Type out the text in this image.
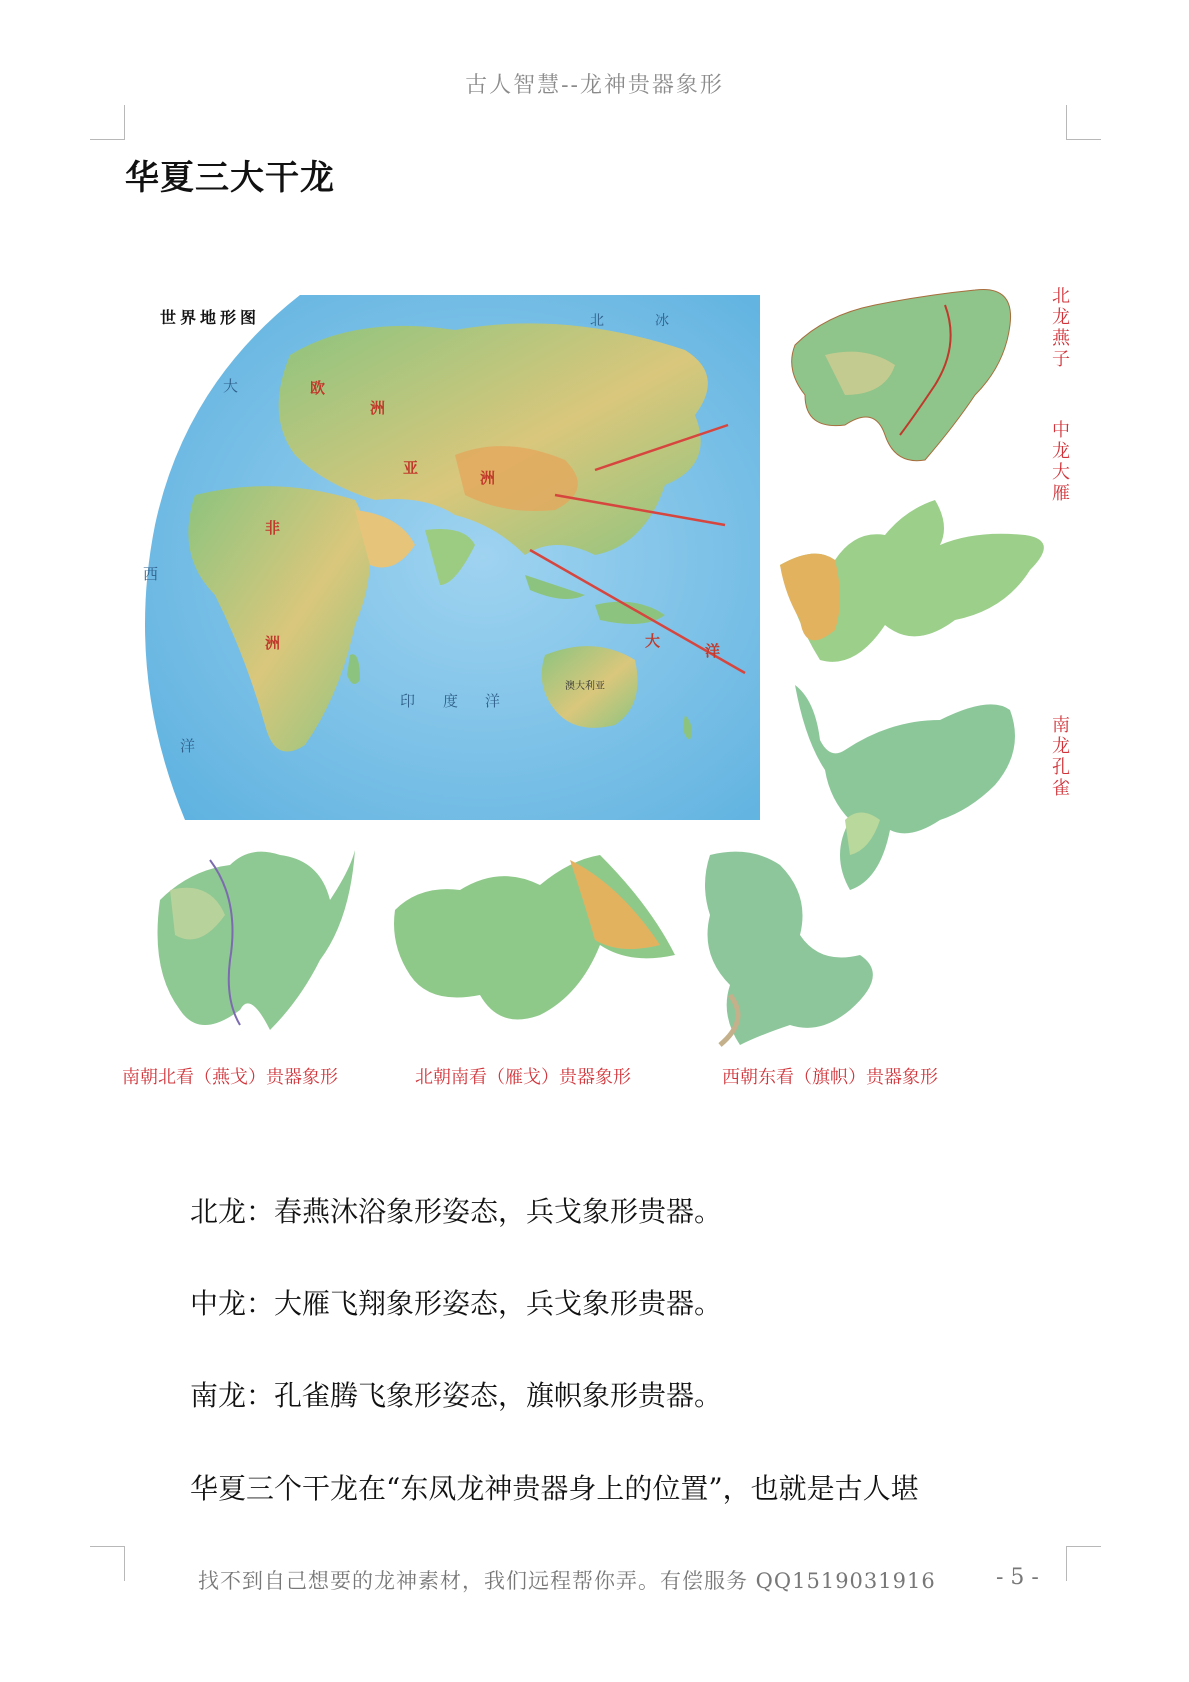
古人智慧--龙神贵器象形
华夏三大干龙
世界地形图
欧
洲
亚
洲
非
洲
大
西
洋
印 度 洋
大
洋
北	冰
澳大利亚
北龙燕子
中龙大雁
南龙孔雀
南朝北看（燕戈）贵器象形	北朝南看（雁戈）贵器象形	西朝东看（旗帜）贵器象形
北龙：春燕沐浴象形姿态，兵戈象形贵器。
中龙：大雁飞翔象形姿态，兵戈象形贵器。
南龙：孔雀腾飞象形姿态，旗帜象形贵器。
华夏三个干龙在“东凤龙神贵器身上的位置”，也就是古人堪
找不到自己想要的龙神素材，我们远程帮你弄。有偿服务 QQ1519031916	- 5 -
